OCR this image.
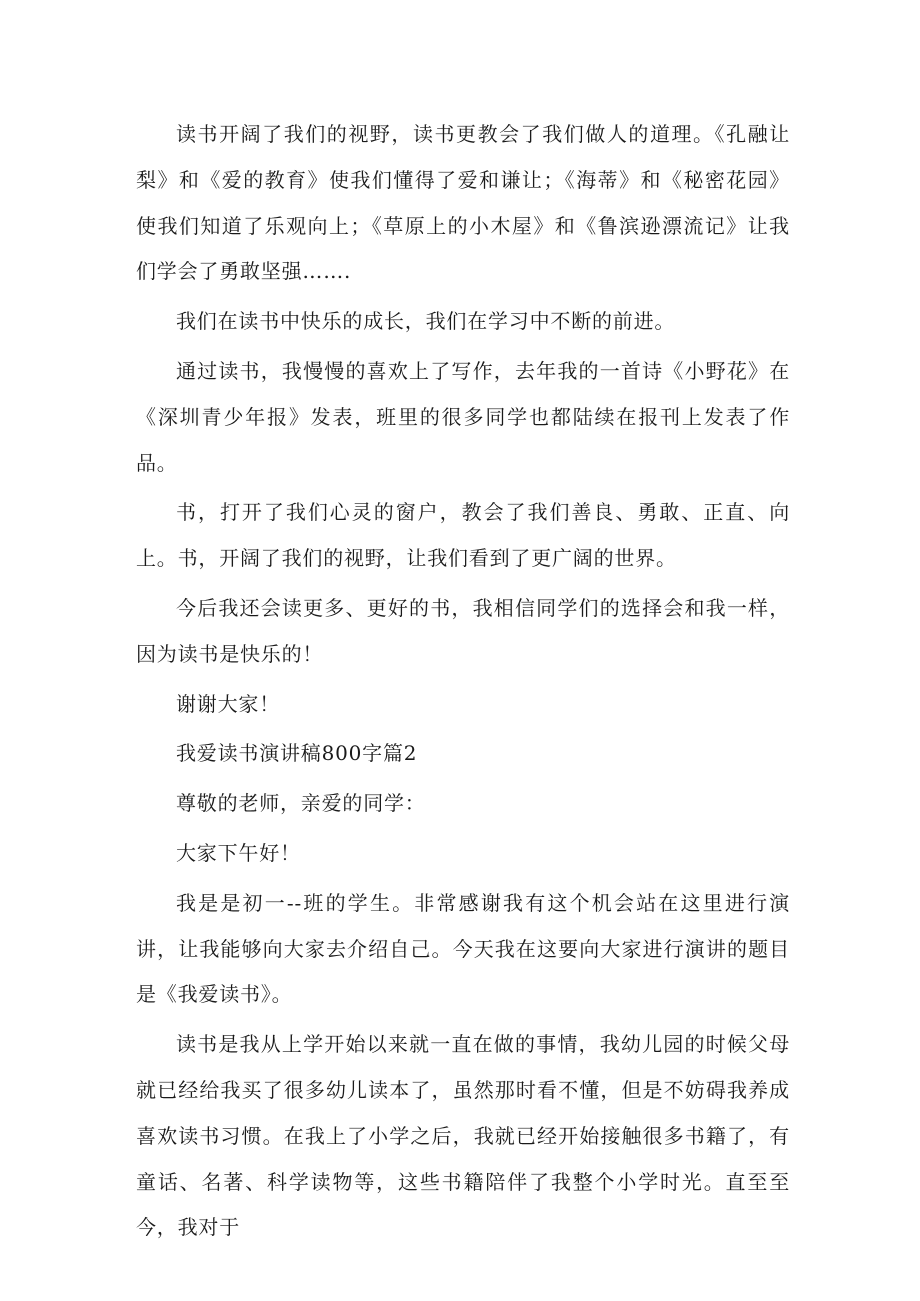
读书开阔了我们的视野，读书更教会了我们做人的道理。《孔融让梨》和《爱的教育》使我们懂得了爱和谦让；《海蒂》和《秘密花园》使我们知道了乐观向上；《草原上的小木屋》和《鲁滨逊漂流记》让我们学会了勇敢坚强…….

我们在读书中快乐的成长，我们在学习中不断的前进。

通过读书，我慢慢的喜欢上了写作，去年我的一首诗《小野花》在《深圳青少年报》发表，班里的很多同学也都陆续在报刊上发表了作品。

书，打开了我们心灵的窗户，教会了我们善良、勇敢、正直、向上。书，开阔了我们的视野，让我们看到了更广阔的世界。

今后我还会读更多、更好的书，我相信同学们的选择会和我一样，因为读书是快乐的！

谢谢大家！

我爱读书演讲稿800字篇2

尊敬的老师，亲爱的同学：

大家下午好！

我是是初一--班的学生。非常感谢我有这个机会站在这里进行演讲，让我能够向大家去介绍自己。今天我在这要向大家进行演讲的题目是《我爱读书》。

读书是我从上学开始以来就一直在做的事情，我幼儿园的时候父母就已经给我买了很多幼儿读本了，虽然那时看不懂，但是不妨碍我养成喜欢读书习惯。在我上了小学之后，我就已经开始接触很多书籍了，有童话、名著、科学读物等，这些书籍陪伴了我整个小学时光。直至至今，我对于
